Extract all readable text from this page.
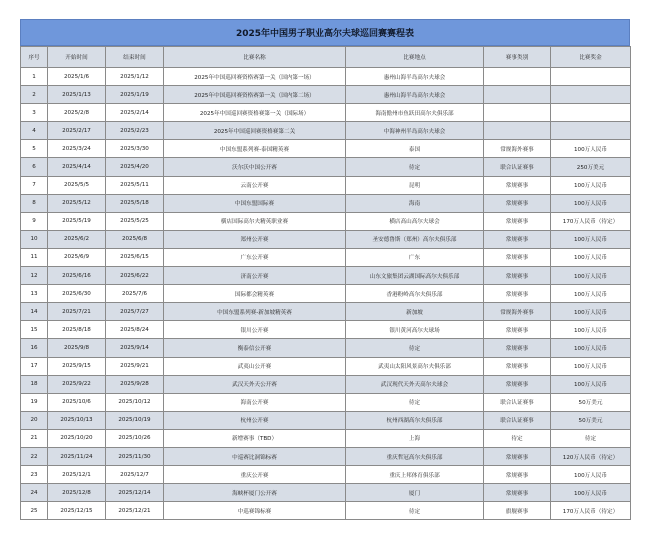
2025年中国男子职业高尔夫球巡回赛赛程表
序号	开始时间	结束时间	比赛名称	比赛地点	赛事类别	比赛奖金
1	2025/1/6	2025/1/12	2025年中国巡回赛资格赛第一关（国内第一场）	惠州山海半岛高尔夫球会		
2	2025/1/13	2025/1/19	2025年中国巡回赛资格赛第一关（国内第二场）	惠州山海半岛高尔夫球会		
3	2025/2/8	2025/2/14	2025年中国巡回赛资格赛第一关（国际场）	海南儋州市鱼跃田高尔夫俱乐部		
4	2025/2/17	2025/2/23	2025年中国巡回赛资格赛第二关	中海神州半岛高尔夫球会		
5	2025/3/24	2025/3/30	中国东盟系列赛-泰国精英赛	泰国	常规海外赛事	100万人民币
6	2025/4/14	2025/4/20	沃尔沃中国公开赛	待定	联合认证赛事	250万美元
7	2025/5/5	2025/5/11	云南公开赛	昆明	常规赛事	100万人民币
8	2025/5/12	2025/5/18	中国东盟国际赛	海南	常规赛事	100万人民币
9	2025/5/19	2025/5/25	横店国际高尔夫精英职业赛	横店高山高尔夫球会	常规赛事	170万人民币（待定）
10	2025/6/2	2025/6/8	郑州公开赛	圣安德鲁斯（郑州）高尔夫俱乐部	常规赛事	100万人民币
11	2025/6/9	2025/6/15	广东公开赛	广东	常规赛事	100万人民币
12	2025/6/16	2025/6/22	济南公开赛	山东文旅集团云湖国际高尔夫俱乐部	常规赛事	100万人民币
13	2025/6/30	2025/7/6	国际都会精英赛	香港粉岭高尔夫俱乐部	常规赛事	100万人民币
14	2025/7/21	2025/7/27	中国东盟系列赛-新加坡精英赛	新加坡	常规海外赛事	100万人民币
15	2025/8/18	2025/8/24	银川公开赛	银川黄河高尔夫球场	常规赛事	100万人民币
16	2025/9/8	2025/9/14	衡泰信公开赛	待定	常规赛事	100万人民币
17	2025/9/15	2025/9/21	武夷山公开赛	武夷山太阳风景高尔夫俱乐部	常规赛事	100万人民币
18	2025/9/22	2025/9/28	武汉天外天公开赛	武汉现代天外天高尔夫球会	常规赛事	100万人民币
19	2025/10/6	2025/10/12	海南公开赛	待定	联合认证赛事	50万美元
20	2025/10/13	2025/10/19	杭州公开赛	杭州西湖高尔夫俱乐部	联合认证赛事	50万美元
21	2025/10/20	2025/10/26	新增赛事（TBD）	上海	待定	待定
22	2025/11/24	2025/11/30	中巡赛比洞锦标赛	重庆哲冠高尔夫俱乐部	常规赛事	120万人民币（待定）
23	2025/12/1	2025/12/7	重庆公开赛	重庆上邦体育俱乐部	常规赛事	100万人民币
24	2025/12/8	2025/12/14	海峡杯厦门公开赛	厦门	常规赛事	100万人民币
25	2025/12/15	2025/12/21	中巡赛锦标赛	待定	旗舰赛事	170万人民币（待定）
